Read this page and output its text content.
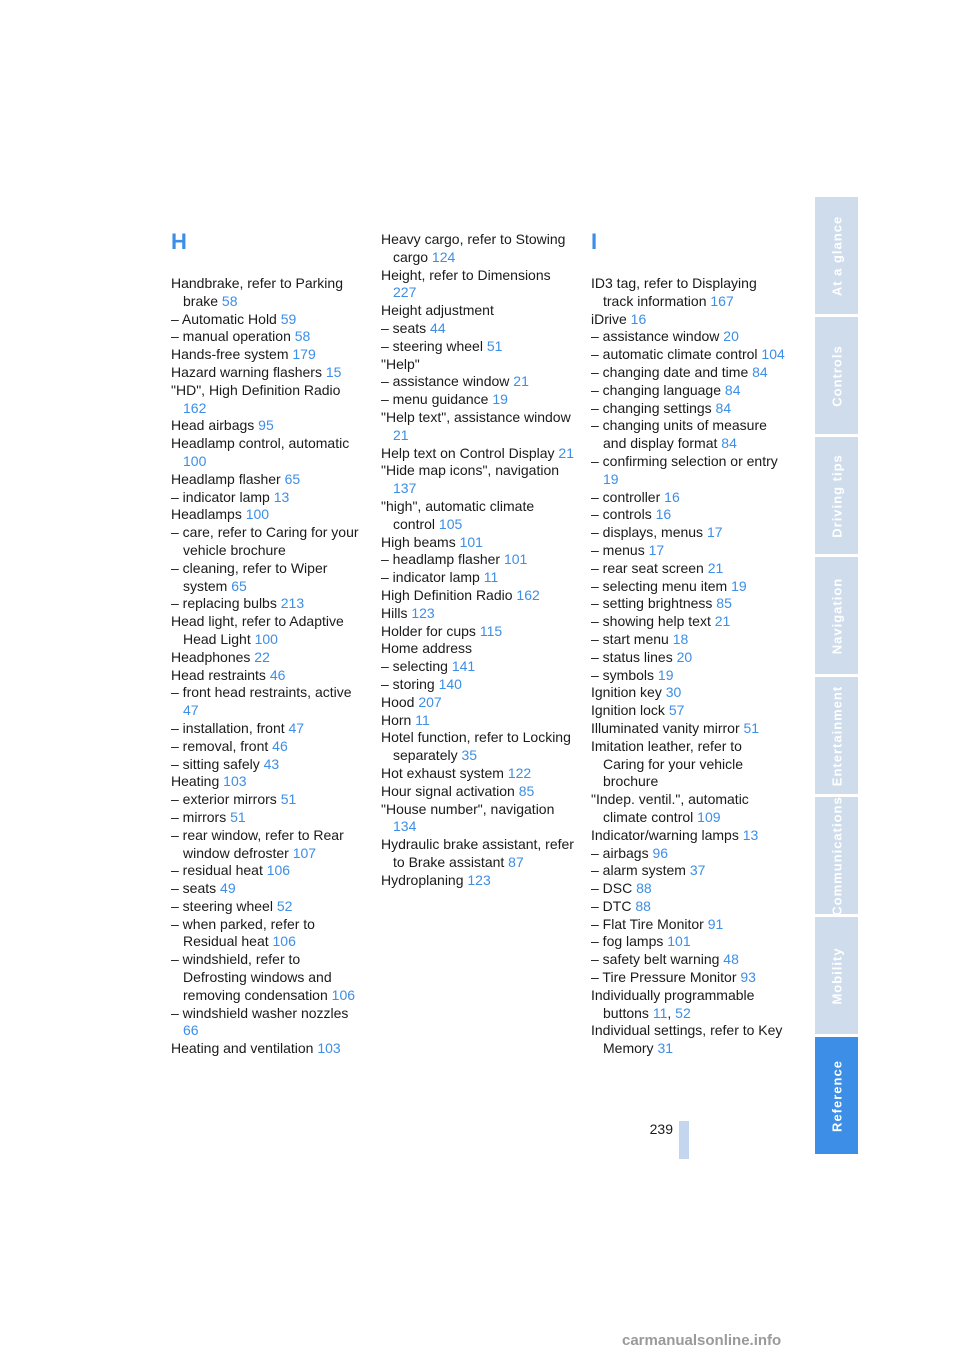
H
Handbrake, refer to Parking brake 58
– Automatic Hold 59
– manual operation 58
Hands-free system 179
Hazard warning flashers 15
"HD", High Definition Radio 162
Head airbags 95
Headlamp control, automatic 100
Headlamp flasher 65
– indicator lamp 13
Headlamps 100
– care, refer to Caring for your vehicle brochure
– cleaning, refer to Wiper system 65
– replacing bulbs 213
Head light, refer to Adaptive Head Light 100
Headphones 22
Head restraints 46
– front head restraints, active 47
– installation, front 47
– removal, front 46
– sitting safely 43
Heating 103
– exterior mirrors 51
– mirrors 51
– rear window, refer to Rear window defroster 107
– residual heat 106
– seats 49
– steering wheel 52
– when parked, refer to Residual heat 106
– windshield, refer to Defrosting windows and removing condensation 106
– windshield washer nozzles 66
Heating and ventilation 103
Heavy cargo, refer to Stowing cargo 124
Height, refer to Dimensions 227
Height adjustment
– seats 44
– steering wheel 51
"Help"
– assistance window 21
– menu guidance 19
"Help text", assistance window 21
Help text on Control Display 21
"Hide map icons", navigation 137
"high", automatic climate control 105
High beams 101
– headlamp flasher 101
– indicator lamp 11
High Definition Radio 162
Hills 123
Holder for cups 115
Home address
– selecting 141
– storing 140
Hood 207
Horn 11
Hotel function, refer to Locking separately 35
Hot exhaust system 122
Hour signal activation 85
"House number", navigation 134
Hydraulic brake assistant, refer to Brake assistant 87
Hydroplaning 123
I
ID3 tag, refer to Displaying track information 167
iDrive 16
– assistance window 20
– automatic climate control 104
– changing date and time 84
– changing language 84
– changing settings 84
– changing units of measure and display format 84
– confirming selection or entry 19
– controller 16
– controls 16
– displays, menus 17
– menus 17
– rear seat screen 21
– selecting menu item 19
– setting brightness 85
– showing help text 21
– start menu 18
– status lines 20
– symbols 19
Ignition key 30
Ignition lock 57
Illuminated vanity mirror 51
Imitation leather, refer to Caring for your vehicle brochure
"Indep. ventil.", automatic climate control 109
Indicator/warning lamps 13
– airbags 96
– alarm system 37
– DSC 88
– DTC 88
– Flat Tire Monitor 91
– fog lamps 101
– safety belt warning 48
– Tire Pressure Monitor 93
Individually programmable buttons 11, 52
Individual settings, refer to Key Memory 31
At a glance
Controls
Driving tips
Navigation
Entertainment
Communications
Mobility
Reference
239
carmanualsonline.info
